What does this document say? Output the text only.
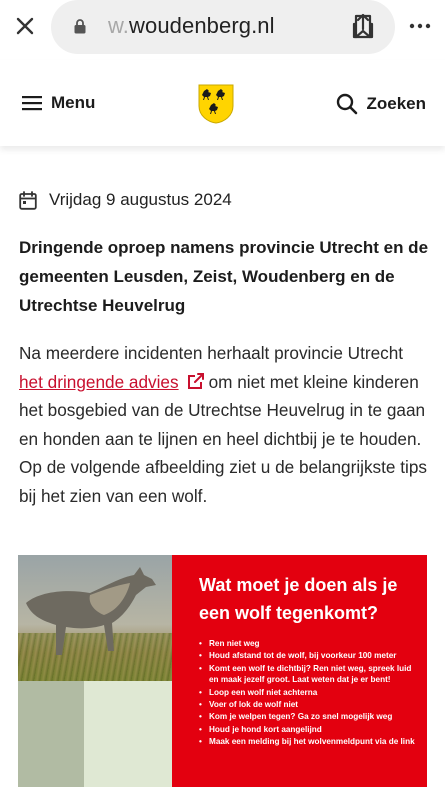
w.woudenberg.nl
Menu	Zoeken
Vrijdag 9 augustus 2024
Dringende oproep namens provincie Utrecht en de gemeenten Leusden, Zeist, Woudenberg en de Utrechtse Heuvelrug

Na meerdere incidenten herhaalt provincie Utrecht het dringende advies om niet met kleine kinderen het bosgebied van de Utrechtse Heuvelrug in te gaan en honden aan te lijnen en heel dichtbij je te houden. Op de volgende afbeelding ziet u de belangrijkste tips bij het zien van een wolf.

Wat moet je doen als je een wolf tegenkomt?
• Ren niet weg
• Houd afstand tot de wolf, bij voorkeur 100 meter
• Komt een wolf te dichtbij? Ren niet weg, spreek luid en maak jezelf groot. Laat weten dat je er bent!
• Loop een wolf niet achterna
• Voer of lok de wolf niet
• Kom je welpen tegen? Ga zo snel mogelijk weg
• Houd je hond kort aangelijnd
• Maak een melding bij het wolvenmeldpunt via de link
